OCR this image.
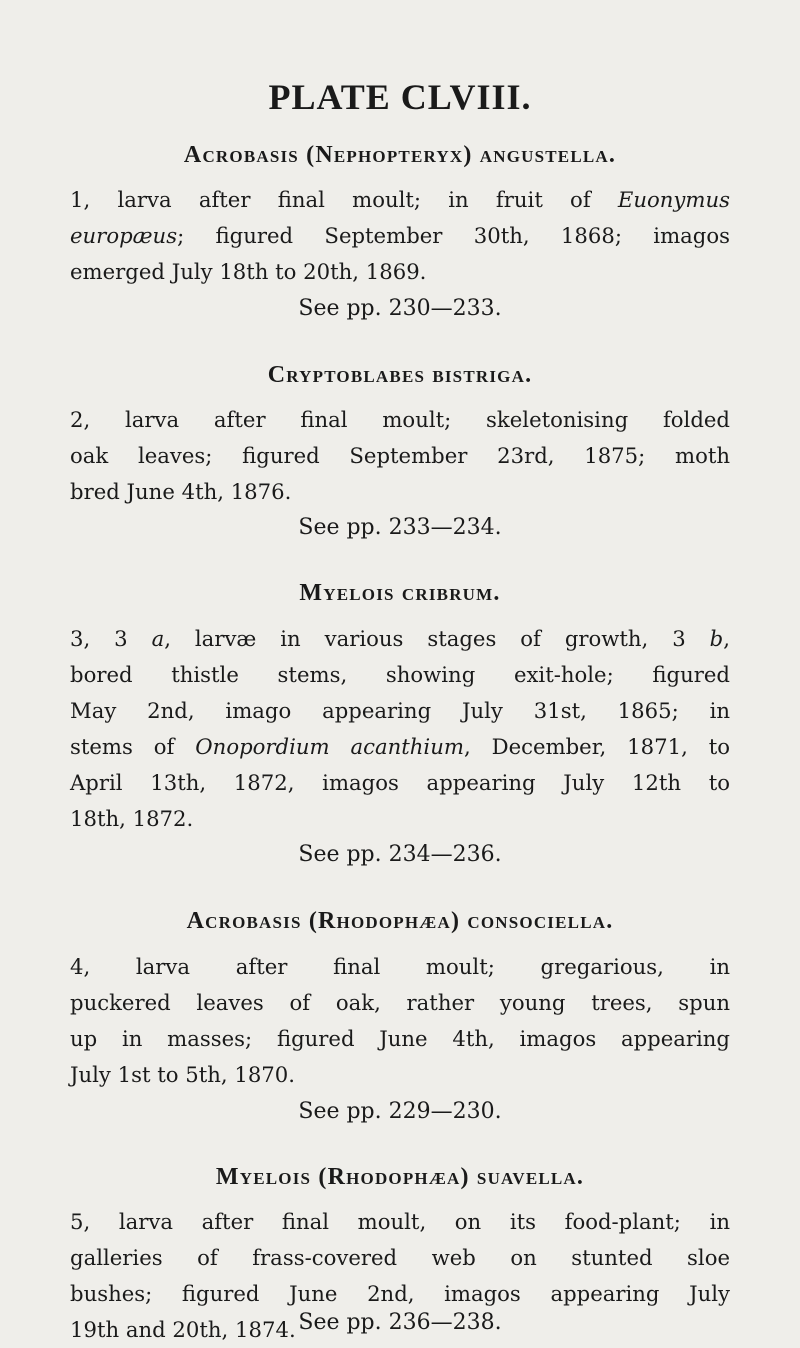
PLATE CLVIII.
Acrobasis (Nephopteryx) angustella.

1, larva after final moult; in fruit of Euonymus
europæus; figured September 30th, 1868; imagos
emerged July 18th to 20th, 1869.

See pp. 230—233.

Cryptoblabes bistriga.

2, larva after final moult; skeletonising folded
oak leaves; figured September 23rd, 1875; moth
bred June 4th, 1876.

See pp. 233—234.

Myelois cribrum.

3, 3 a, larvæ in various stages of growth, 3 b,
bored thistle stems, showing exit-hole; figured
May 2nd, imago appearing July 31st, 1865; in
stems of Onopordium acanthium, December, 1871, to
April 13th, 1872, imagos appearing July 12th to
18th, 1872.

See pp. 234—236.

Acrobasis (Rhodophæa) consociella.

4, larva after final moult; gregarious, in
puckered leaves of oak, rather young trees, spun
up in masses; figured June 4th, imagos appearing
July 1st to 5th, 1870.

See pp. 229—230.

Myelois (Rhodophæa) suavella.

5, larva after final moult, on its food-plant; in
galleries of frass-covered web on stunted sloe
bushes; figured June 2nd, imagos appearing July
19th and 20th, 1874. See pp. 236—238.
